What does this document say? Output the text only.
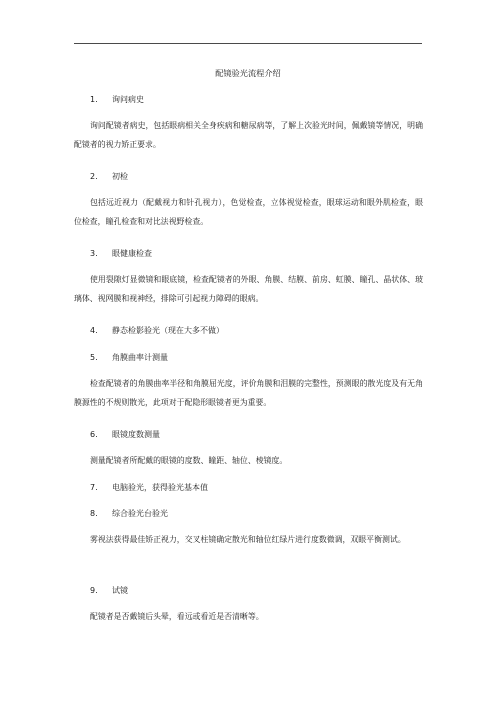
配镜验光流程介绍
1. 询问病史
询问配镜者病史，包括眼病相关全身疾病和糖尿病等，了解上次验光时间，佩戴镜等情况，明确配镜者的视力矫正要求。
2. 初检
包括远近视力（配戴视力和针孔视力），色觉检查，立体视觉检查，眼球运动和眼外肌检查，眼位检查，瞳孔检查和对比法视野检查。
3. 眼健康检查
使用裂隙灯显微镜和眼底镜，检查配镜者的外眼、角膜、结膜、前房、虹膜、瞳孔、晶状体、玻璃体、视网膜和视神经，排除可引起视力障碍的眼病。
4. 静态检影验光（现在大多不做）
5. 角膜曲率计测量
检查配镜者的角膜曲率半径和角膜屈光度，评价角膜和泪膜的完整性，预测眼的散光度及有无角膜源性的不规则散光，此项对于配隐形眼镜者更为重要。
6. 眼镜度数测量
测量配镜者所配戴的眼镜的度数、瞳距、轴位、棱镜度。
7. 电脑验光，获得验光基本值
8. 综合验光台验光
雾视法获得最佳矫正视力，交叉柱镜确定散光和轴位红绿片进行度数微调，双眼平衡测试。
9. 试镜
配镜者是否戴镜后头晕，看远或看近是否清晰等。
